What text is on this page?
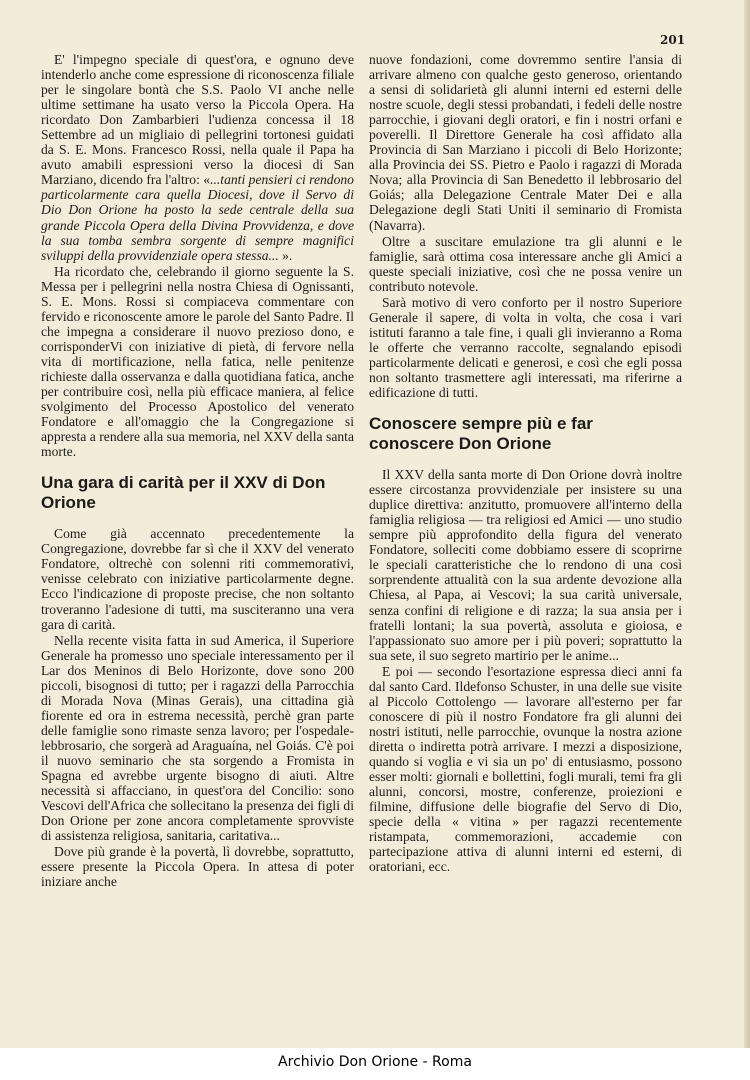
201

E' l'impegno speciale di quest'ora, e ognuno deve intenderlo anche come espressione di riconoscenza filiale per le singolare bontà che S.S. Paolo VI anche nelle ultime settimane ha usato verso la Piccola Opera. Ha ricordato Don Zambarbieri l'udienza concessa il 18 Settembre ad un migliaio di pellegrini tortonesi guidati da S. E. Mons. Francesco Rossi, nella quale il Papa ha avuto amabili espressioni verso la diocesi di San Marziano, dicendo fra l'altro: «...tanti pensieri ci rendono particolarmente cara quella Diocesi, dove il Servo di Dio Don Orione ha posto la sede centrale della sua grande Piccola Opera della Divina Provvidenza, e dove la sua tomba sembra sorgente di sempre magnifici sviluppi della provvidenziale opera stessa... ».

Ha ricordato che, celebrando il giorno seguente la S. Messa per i pellegrini nella nostra Chiesa di Ognissanti, S. E. Mons. Rossi si compiaceva commentare con fervido e riconoscente amore le parole del Santo Padre. Il che impegna a considerare il nuovo prezioso dono, e corrisponderVi con iniziative di pietà, di fervore nella vita di mortificazione, nella fatica, nelle penitenze richieste dalla osservanza e dalla quotidiana fatica, anche per contribuire così, nella più efficace maniera, al felice svolgimento del Processo Apostolico del venerato Fondatore e all'omaggio che la Congregazione si appresta a rendere alla sua memoria, nel XXV della santa morte.

Una gara di carità per il XXV di Don Orione

Come già accennato precedentemente la Congregazione, dovrebbe far sì che il XXV del venerato Fondatore, oltrechè con solenni riti commemorativi, venisse celebrato con iniziative particolarmente degne. Ecco l'indicazione di proposte precise, che non soltanto troveranno l'adesione di tutti, ma susciteranno una vera gara di carità.

Nella recente visita fatta in sud America, il Superiore Generale ha promesso uno speciale interessamento per il Lar dos Meninos di Belo Horizonte, dove sono 200 piccoli, bisognosi di tutto; per i ragazzi della Parrocchia di Morada Nova (Minas Gerais), una cittadina già fiorente ed ora in estrema necessità, perchè gran parte delle famiglie sono rimaste senza lavoro; per l'ospedale-lebbrosario, che sorgerà ad Araguaína, nel Goiás. C'è poi il nuovo seminario che sta sorgendo a Fromista in Spagna ed avrebbe urgente bisogno di aiuti. Altre necessità si affacciano, in quest'ora del Concilio: sono Vescovi dell'Africa che sollecitano la presenza dei figli di Don Orione per zone ancora completamente sprovviste di assistenza religiosa, sanitaria, caritativa...

Dove più grande è la povertà, lì dovrebbe, soprattutto, essere presente la Piccola Opera. In attesa di poter iniziare anche

nuove fondazioni, come dovremmo sentire l'ansia di arrivare almeno con qualche gesto generoso, orientando a sensi di solidarietà gli alunni interni ed esterni delle nostre scuole, degli stessi probandati, i fedeli delle nostre parrocchie, i giovani degli oratori, e fin i nostri orfani e poverelli. Il Direttore Generale ha così affidato alla Provincia di San Marziano i piccoli di Belo Horizonte; alla Provincia dei SS. Pietro e Paolo i ragazzi di Morada Nova; alla Provincia di San Benedetto il lebbrosario del Goiás; alla Delegazione Centrale Mater Dei e alla Delegazione degli Stati Uniti il seminario di Fromista (Navarra).

Oltre a suscitare emulazione tra gli alunni e le famiglie, sarà ottima cosa interessare anche gli Amici a queste speciali iniziative, così che ne possa venire un contributo notevole.

Sarà motivo di vero conforto per il nostro Superiore Generale il sapere, di volta in volta, che cosa i vari istituti faranno a tale fine, i quali gli invieranno a Roma le offerte che verranno raccolte, segnalando episodi particolarmente delicati e generosi, e così che egli possa non soltanto trasmettere agli interessati, ma riferirne a edificazione di tutti.

Conoscere sempre più e far conoscere Don Orione

Il XXV della santa morte di Don Orione dovrà inoltre essere circostanza provvidenziale per insistere su una duplice direttiva: anzitutto, promuovere all'interno della famiglia religiosa — tra religiosi ed Amici — uno studio sempre più approfondito della figura del venerato Fondatore, solleciti come dobbiamo essere di scoprirne le speciali caratteristiche che lo rendono di una così sorprendente attualità con la sua ardente devozione alla Chiesa, al Papa, ai Vescovi; la sua carità universale, senza confini di religione e di razza; la sua ansia per i fratelli lontani; la sua povertà, assoluta e gioiosa, e l'appassionato suo amore per i più poveri; soprattutto la sua sete, il suo segreto martirio per le anime...

E poi — secondo l'esortazione espressa dieci anni fa dal santo Card. Ildefonso Schuster, in una delle sue visite al Piccolo Cottolengo — lavorare all'esterno per far conoscere di più il nostro Fondatore fra gli alunni dei nostri istituti, nelle parrocchie, ovunque la nostra azione diretta o indiretta potrà arrivare. I mezzi a disposizione, quando si voglia e vi sia un po' di entusiasmo, possono esser molti: giornali e bollettini, fogli murali, temi fra gli alunni, concorsi, mostre, conferenze, proiezioni e filmine, diffusione delle biografie del Servo di Dio, specie della « vitina » per ragazzi recentemente ristampata, commemorazioni, accademie con partecipazione attiva di alunni interni ed esterni, di oratoriani, ecc.

Archivio Don Orione - Roma
